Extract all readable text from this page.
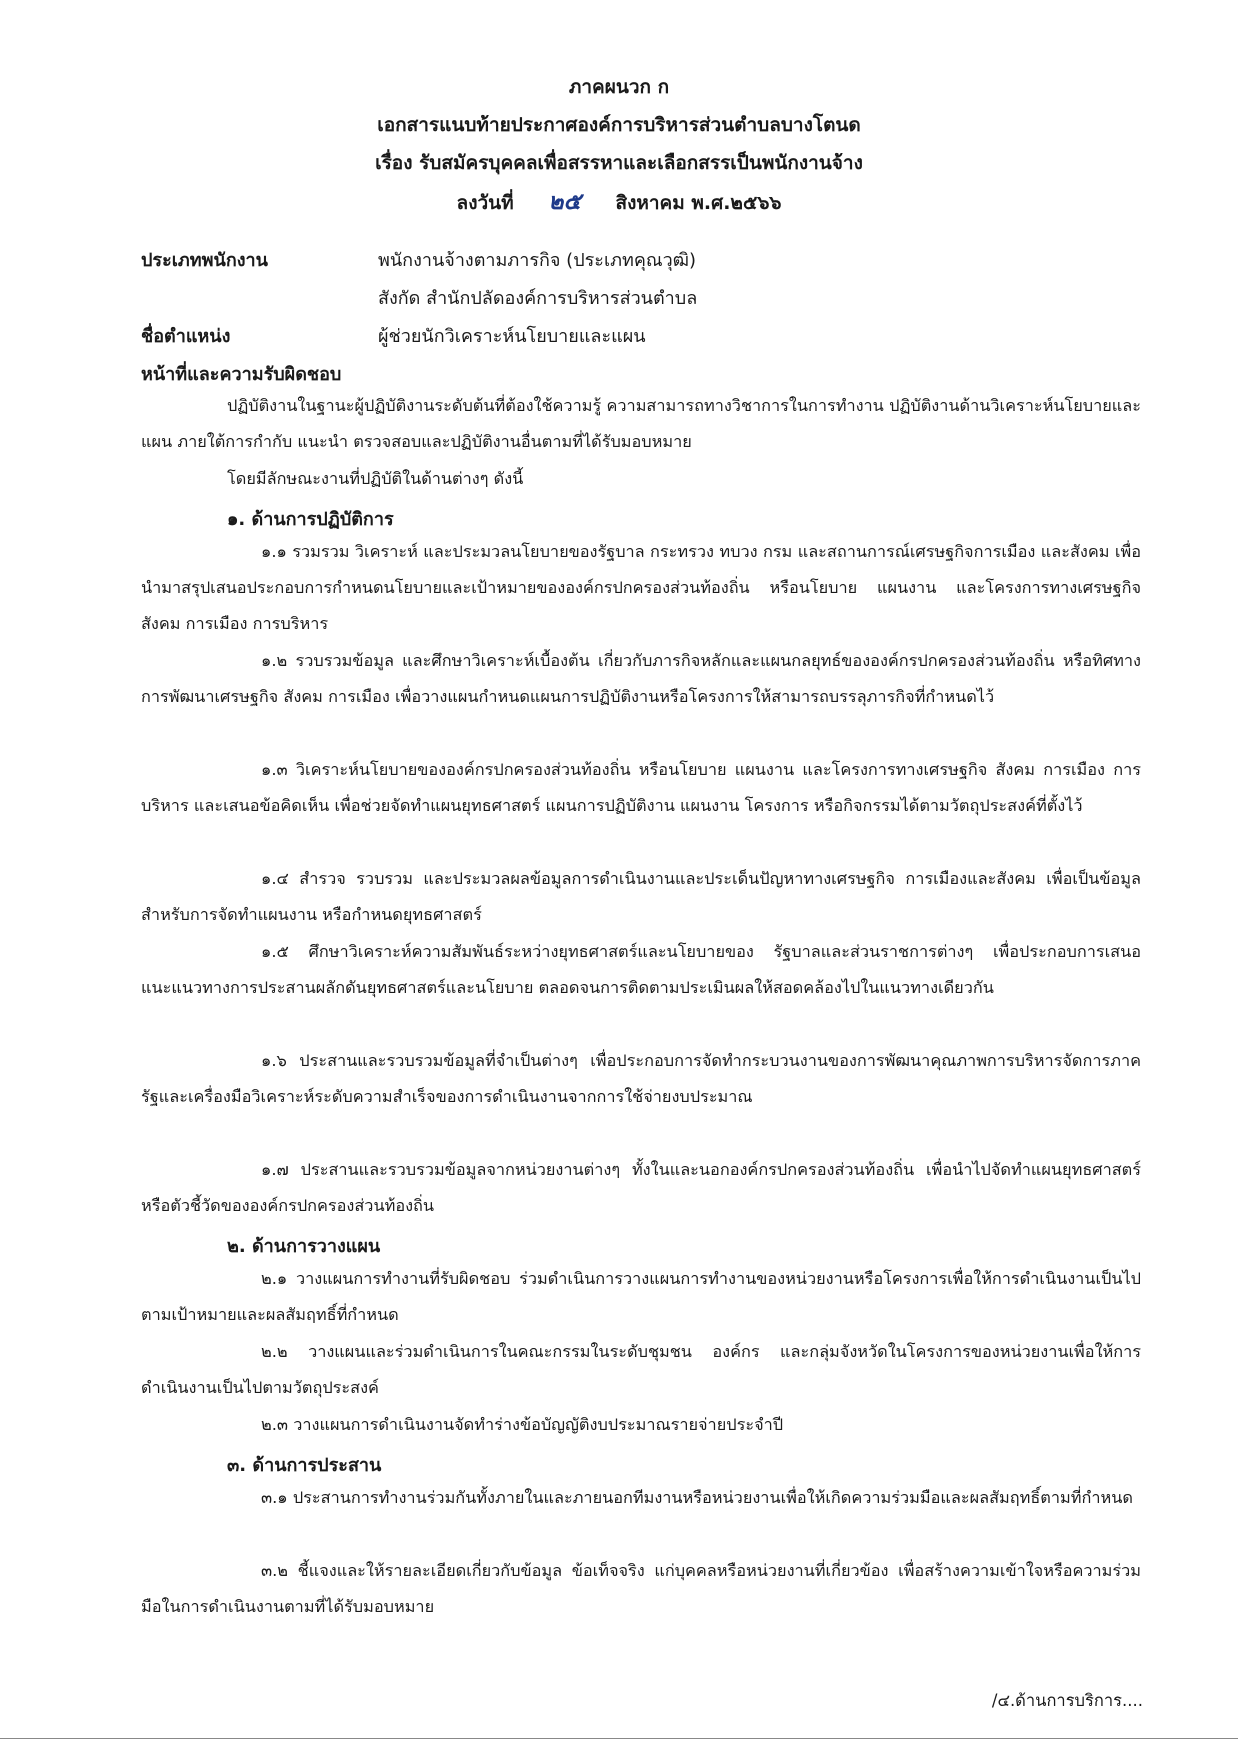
ภาคผนวก ก
เอกสารแนบท้ายประกาศองค์การบริหารส่วนตำบลบางโตนด
เรื่อง รับสมัครบุคคลเพื่อสรรหาและเลือกสรรเป็นพนักงานจ้าง
ลงวันที่ ๒๕ สิงหาคม พ.ศ.๒๕๖๖
ประเภทพนักงาน	พนักงานจ้างตามภารกิจ (ประเภทคุณวุฒิ)
สังกัด สำนักปลัดองค์การบริหารส่วนตำบล
ชื่อตำแหน่ง	ผู้ช่วยนักวิเคราะห์นโยบายและแผน
หน้าที่และความรับผิดชอบ
ปฏิบัติงานในฐานะผู้ปฏิบัติงานระดับต้นที่ต้องใช้ความรู้ ความสามารถทางวิชาการในการทำงาน ปฏิบัติงานด้านวิเคราะห์นโยบายและแผน ภายใต้การกำกับ แนะนำ ตรวจสอบและปฏิบัติงานอื่นตามที่ได้รับมอบหมาย
โดยมีลักษณะงานที่ปฏิบัติในด้านต่างๆ ดังนี้
๑. ด้านการปฏิบัติการ
๑.๑ รวมรวม วิเคราะห์ และประมวลนโยบายของรัฐบาล กระทรวง ทบวง กรม และสถานการณ์เศรษฐกิจการเมือง และสังคม เพื่อนำมาสรุปเสนอประกอบการกำหนดนโยบายและเป้าหมายขององค์กรปกครองส่วนท้องถิ่น หรือนโยบาย แผนงาน และโครงการทางเศรษฐกิจ สังคม การเมือง การบริหาร
๑.๒ รวบรวมข้อมูล และศึกษาวิเคราะห์เบื้องต้น เกี่ยวกับภารกิจหลักและแผนกลยุทธ์ขององค์กรปกครองส่วนท้องถิ่น หรือทิศทางการพัฒนาเศรษฐกิจ สังคม การเมือง เพื่อวางแผนกำหนดแผนการปฏิบัติงานหรือโครงการให้สามารถบรรลุภารกิจที่กำหนดไว้
๑.๓ วิเคราะห์นโยบายขององค์กรปกครองส่วนท้องถิ่น หรือนโยบาย แผนงาน และโครงการทางเศรษฐกิจ สังคม การเมือง การบริหาร และเสนอข้อคิดเห็น เพื่อช่วยจัดทำแผนยุทธศาสตร์ แผนการปฏิบัติงาน แผนงาน โครงการ หรือกิจกรรมได้ตามวัตถุประสงค์ที่ตั้งไว้
๑.๔ สำรวจ รวบรวม และประมวลผลข้อมูลการดำเนินงานและประเด็นปัญหาทางเศรษฐกิจ การเมืองและสังคม เพื่อเป็นข้อมูลสำหรับการจัดทำแผนงาน หรือกำหนดยุทธศาสตร์
๑.๕ ศึกษาวิเคราะห์ความสัมพันธ์ระหว่างยุทธศาสตร์และนโยบายของ รัฐบาลและส่วนราชการต่างๆ เพื่อประกอบการเสนอแนะแนวทางการประสานผลักดันยุทธศาสตร์และนโยบาย ตลอดจนการติดตามประเมินผลให้สอดคล้องไปในแนวทางเดียวกัน
๑.๖ ประสานและรวบรวมข้อมูลที่จำเป็นต่างๆ เพื่อประกอบการจัดทำกระบวนงานของการพัฒนาคุณภาพการบริหารจัดการภาครัฐและเครื่องมือวิเคราะห์ระดับความสำเร็จของการดำเนินงานจากการใช้จ่ายงบประมาณ
๑.๗ ประสานและรวบรวมข้อมูลจากหน่วยงานต่างๆ ทั้งในและนอกองค์กรปกครองส่วนท้องถิ่น เพื่อนำไปจัดทำแผนยุทธศาสตร์หรือตัวชี้วัดขององค์กรปกครองส่วนท้องถิ่น
๒. ด้านการวางแผน
๒.๑ วางแผนการทำงานที่รับผิดชอบ ร่วมดำเนินการวางแผนการทำงานของหน่วยงานหรือโครงการเพื่อให้การดำเนินงานเป็นไปตามเป้าหมายและผลสัมฤทธิ์ที่กำหนด
๒.๒ วางแผนและร่วมดำเนินการในคณะกรรมในระดับชุมชน องค์กร และกลุ่มจังหวัดในโครงการของหน่วยงานเพื่อให้การดำเนินงานเป็นไปตามวัตถุประสงค์
๒.๓ วางแผนการดำเนินงานจัดทำร่างข้อบัญญัติงบประมาณรายจ่ายประจำปี
๓. ด้านการประสาน
๓.๑ ประสานการทำงานร่วมกันทั้งภายในและภายนอกทีมงานหรือหน่วยงานเพื่อให้เกิดความร่วมมือและผลสัมฤทธิ์ตามที่กำหนด
๓.๒ ชี้แจงและให้รายละเอียดเกี่ยวกับข้อมูล ข้อเท็จจริง แก่บุคคลหรือหน่วยงานที่เกี่ยวข้อง เพื่อสร้างความเข้าใจหรือความร่วมมือในการดำเนินงานตามที่ได้รับมอบหมาย
/๔.ด้านการบริการ....
